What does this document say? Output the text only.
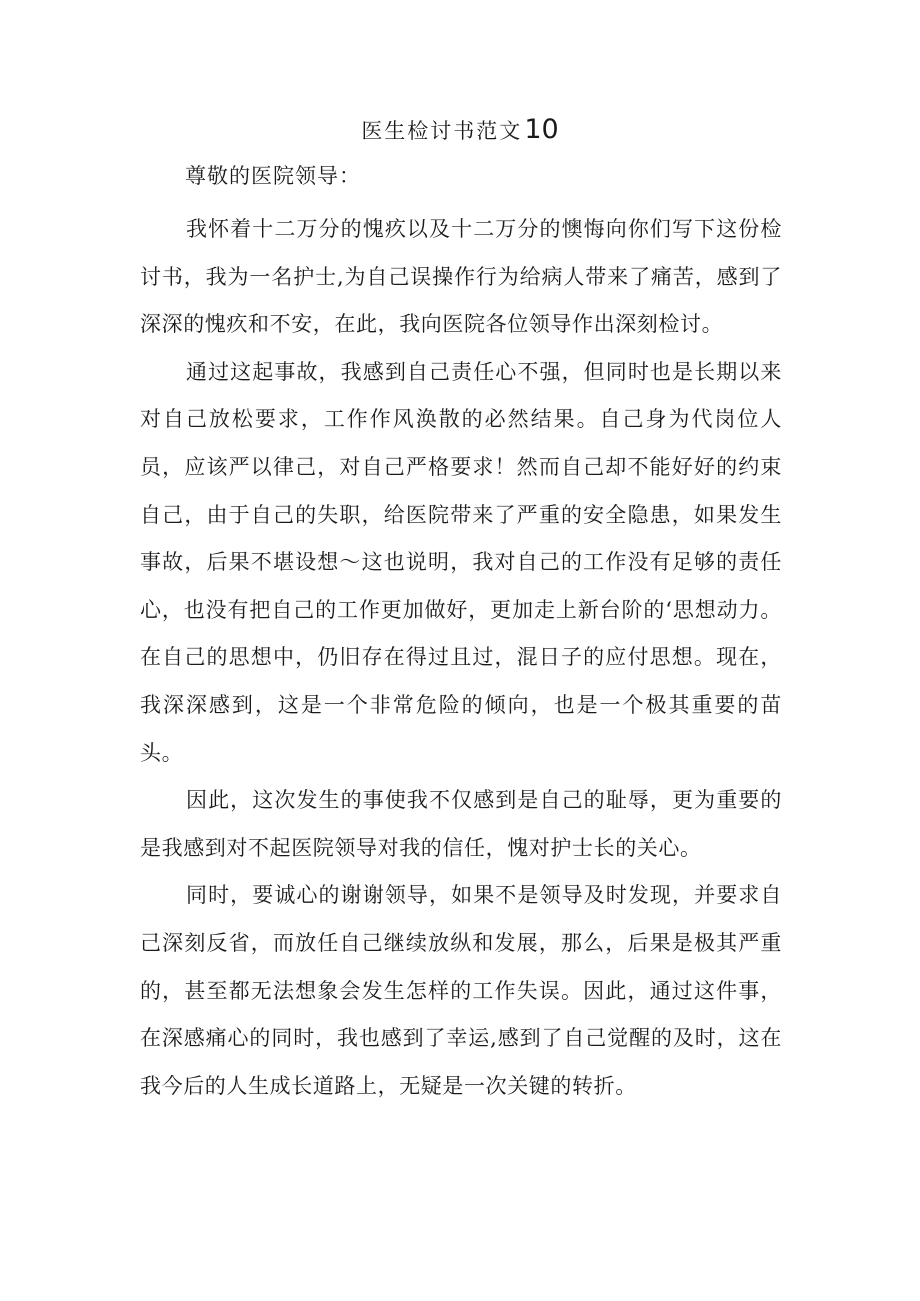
医生检讨书范文10
尊敬的医院领导：

我怀着十二万分的愧疚以及十二万分的懊悔向你们写下这份检讨书，我为一名护士,为自己误操作行为给病人带来了痛苦，感到了深深的愧疚和不安，在此，我向医院各位领导作出深刻检讨。

通过这起事故，我感到自己责任心不强，但同时也是长期以来对自己放松要求，工作作风涣散的必然结果。自己身为代岗位人员，应该严以律己，对自己严格要求！然而自己却不能好好的约束自己，由于自己的失职，给医院带来了严重的安全隐患，如果发生事故，后果不堪设想～这也说明，我对自己的工作没有足够的责任心，也没有把自己的工作更加做好，更加走上新台阶的‘思想动力。在自己的思想中，仍旧存在得过且过，混日子的应付思想。现在，我深深感到，这是一个非常危险的倾向，也是一个极其重要的苗头。

因此，这次发生的事使我不仅感到是自己的耻辱，更为重要的是我感到对不起医院领导对我的信任，愧对护士长的关心。

同时，要诚心的谢谢领导，如果不是领导及时发现，并要求自己深刻反省，而放任自己继续放纵和发展，那么，后果是极其严重的，甚至都无法想象会发生怎样的工作失误。因此，通过这件事，在深感痛心的同时，我也感到了幸运,感到了自己觉醒的及时，这在我今后的人生成长道路上，无疑是一次关键的转折。
